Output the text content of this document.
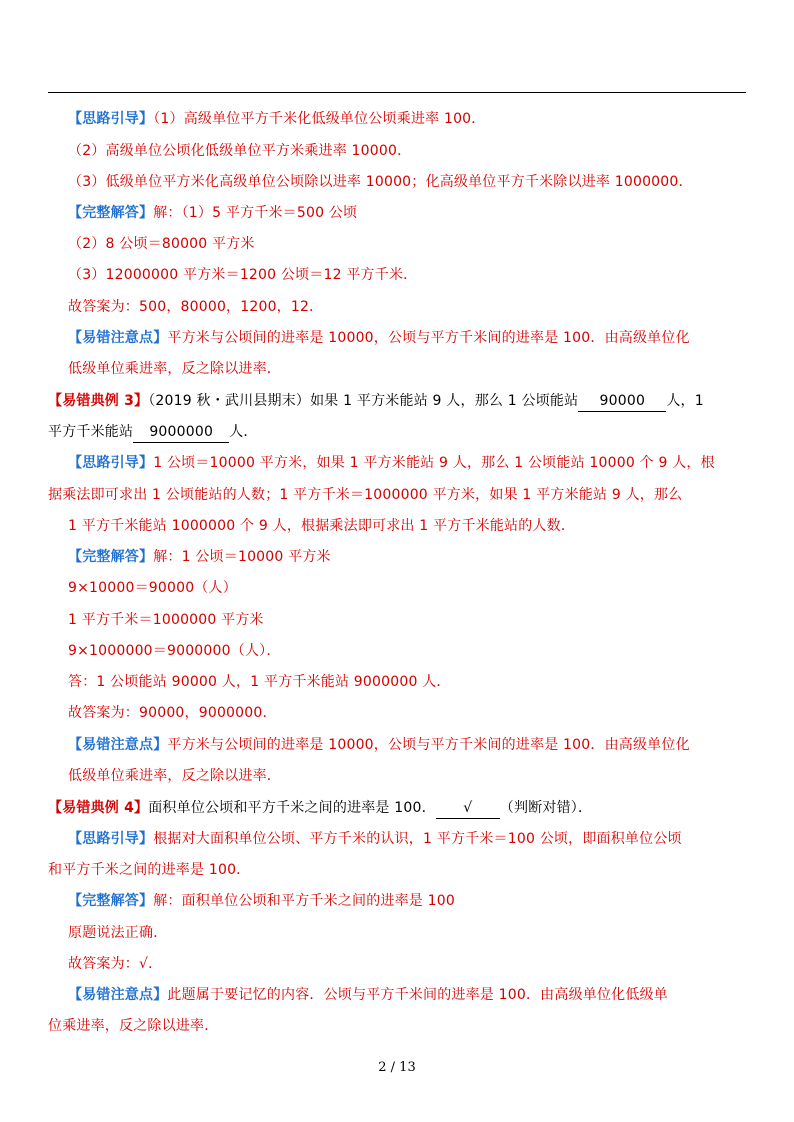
【思路引导】（1）高级单位平方千米化低级单位公顷乘进率 100．
（2）高级单位公顷化低级单位平方米乘进率 10000．
（3）低级单位平方米化高级单位公顷除以进率 10000；化高级单位平方千米除以进率 1000000．
【完整解答】解：（1）5 平方千米＝500 公顷
（2）8 公顷＝80000 平方米
（3）12000000 平方米＝1200 公顷＝12 平方千米．
故答案为：500，80000，1200，12．
【易错注意点】平方米与公顷间的进率是 10000，公顷与平方千米间的进率是 100．由高级单位化
低级单位乘进率，反之除以进率．
【易错典例 3】（2019 秋・武川县期末）如果 1 平方米能站 9 人，那么 1 公顷能站 90000 人，1
平方千米能站 9000000 人．
【思路引导】1 公顷＝10000 平方米，如果 1 平方米能站 9 人，那么 1 公顷能站 10000 个 9 人，根
据乘法即可求出 1 公顷能站的人数；1 平方千米＝1000000 平方米，如果 1 平方米能站 9 人，那么
1 平方千米能站 1000000 个 9 人，根据乘法即可求出 1 平方千米能站的人数．
【完整解答】解：1 公顷＝10000 平方米
9×10000＝90000（人）
1 平方千米＝1000000 平方米
9×1000000＝9000000（人）．
答：1 公顷能站 90000 人，1 平方千米能站 9000000 人．
故答案为：90000，9000000．
【易错注意点】平方米与公顷间的进率是 10000，公顷与平方千米间的进率是 100．由高级单位化
低级单位乘进率，反之除以进率．
【易错典例 4】面积单位公顷和平方千米之间的进率是 100． √ （判断对错）．
【思路引导】根据对大面积单位公顷、平方千米的认识，1 平方千米＝100 公顷，即面积单位公顷
和平方千米之间的进率是 100．
【完整解答】解：面积单位公顷和平方千米之间的进率是 100
原题说法正确．
故答案为：√．
【易错注意点】此题属于要记忆的内容．公顷与平方千米间的进率是 100．由高级单位化低级单
位乘进率，反之除以进率．
2 / 13
